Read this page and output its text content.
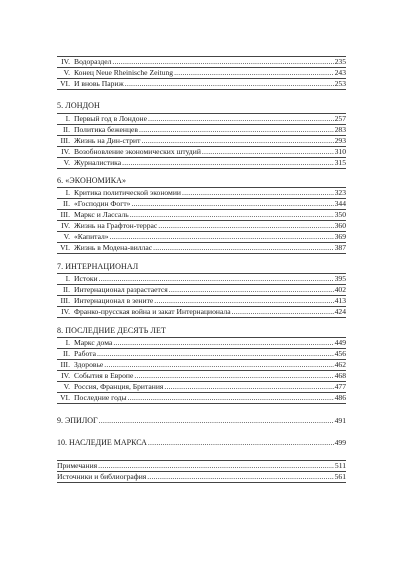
IV. Водораздел .....	235
V. Конец Neue Rheinische Zeitung .....	243
VI. И вновь Париж .....	253
5. ЛОНДОН
I. Первый год в Лондоне .....	257
II. Политика беженцев .....	283
III. Жизнь на Дин-стрит .....	293
IV. Возобновление экономических штудий .....	310
V. Журналистика .....	315
6. «ЭКОНОМИКА»
I. Критика политической экономии .....	323
II. «Господин Фогт» .....	344
III. Маркс и Лассаль .....	350
IV. Жизнь на Графтон-террас .....	360
V. «Капитал» .....	369
VI. Жизнь в Модена-виллас .....	387
7. ИНТЕРНАЦИОНАЛ
I. Истоки .....	395
II. Интернационал разрастается .....	402
III. Интернационал в зените .....	413
IV. Франко-прусская война и закат Интернационала .....	424
8. ПОСЛЕДНИЕ ДЕСЯТЬ ЛЕТ
I. Маркс дома .....	449
II. Работа .....	456
III. Здоровье .....	462
IV. События в Европе .....	468
V. Россия, Франция, Британия .....	477
VI. Последние годы .....	486
9. ЭПИЛОГ .....	491
10. НАСЛЕДИЕ МАРКСА .....	499
Примечания .....	511
Источники и библиография .....	561
